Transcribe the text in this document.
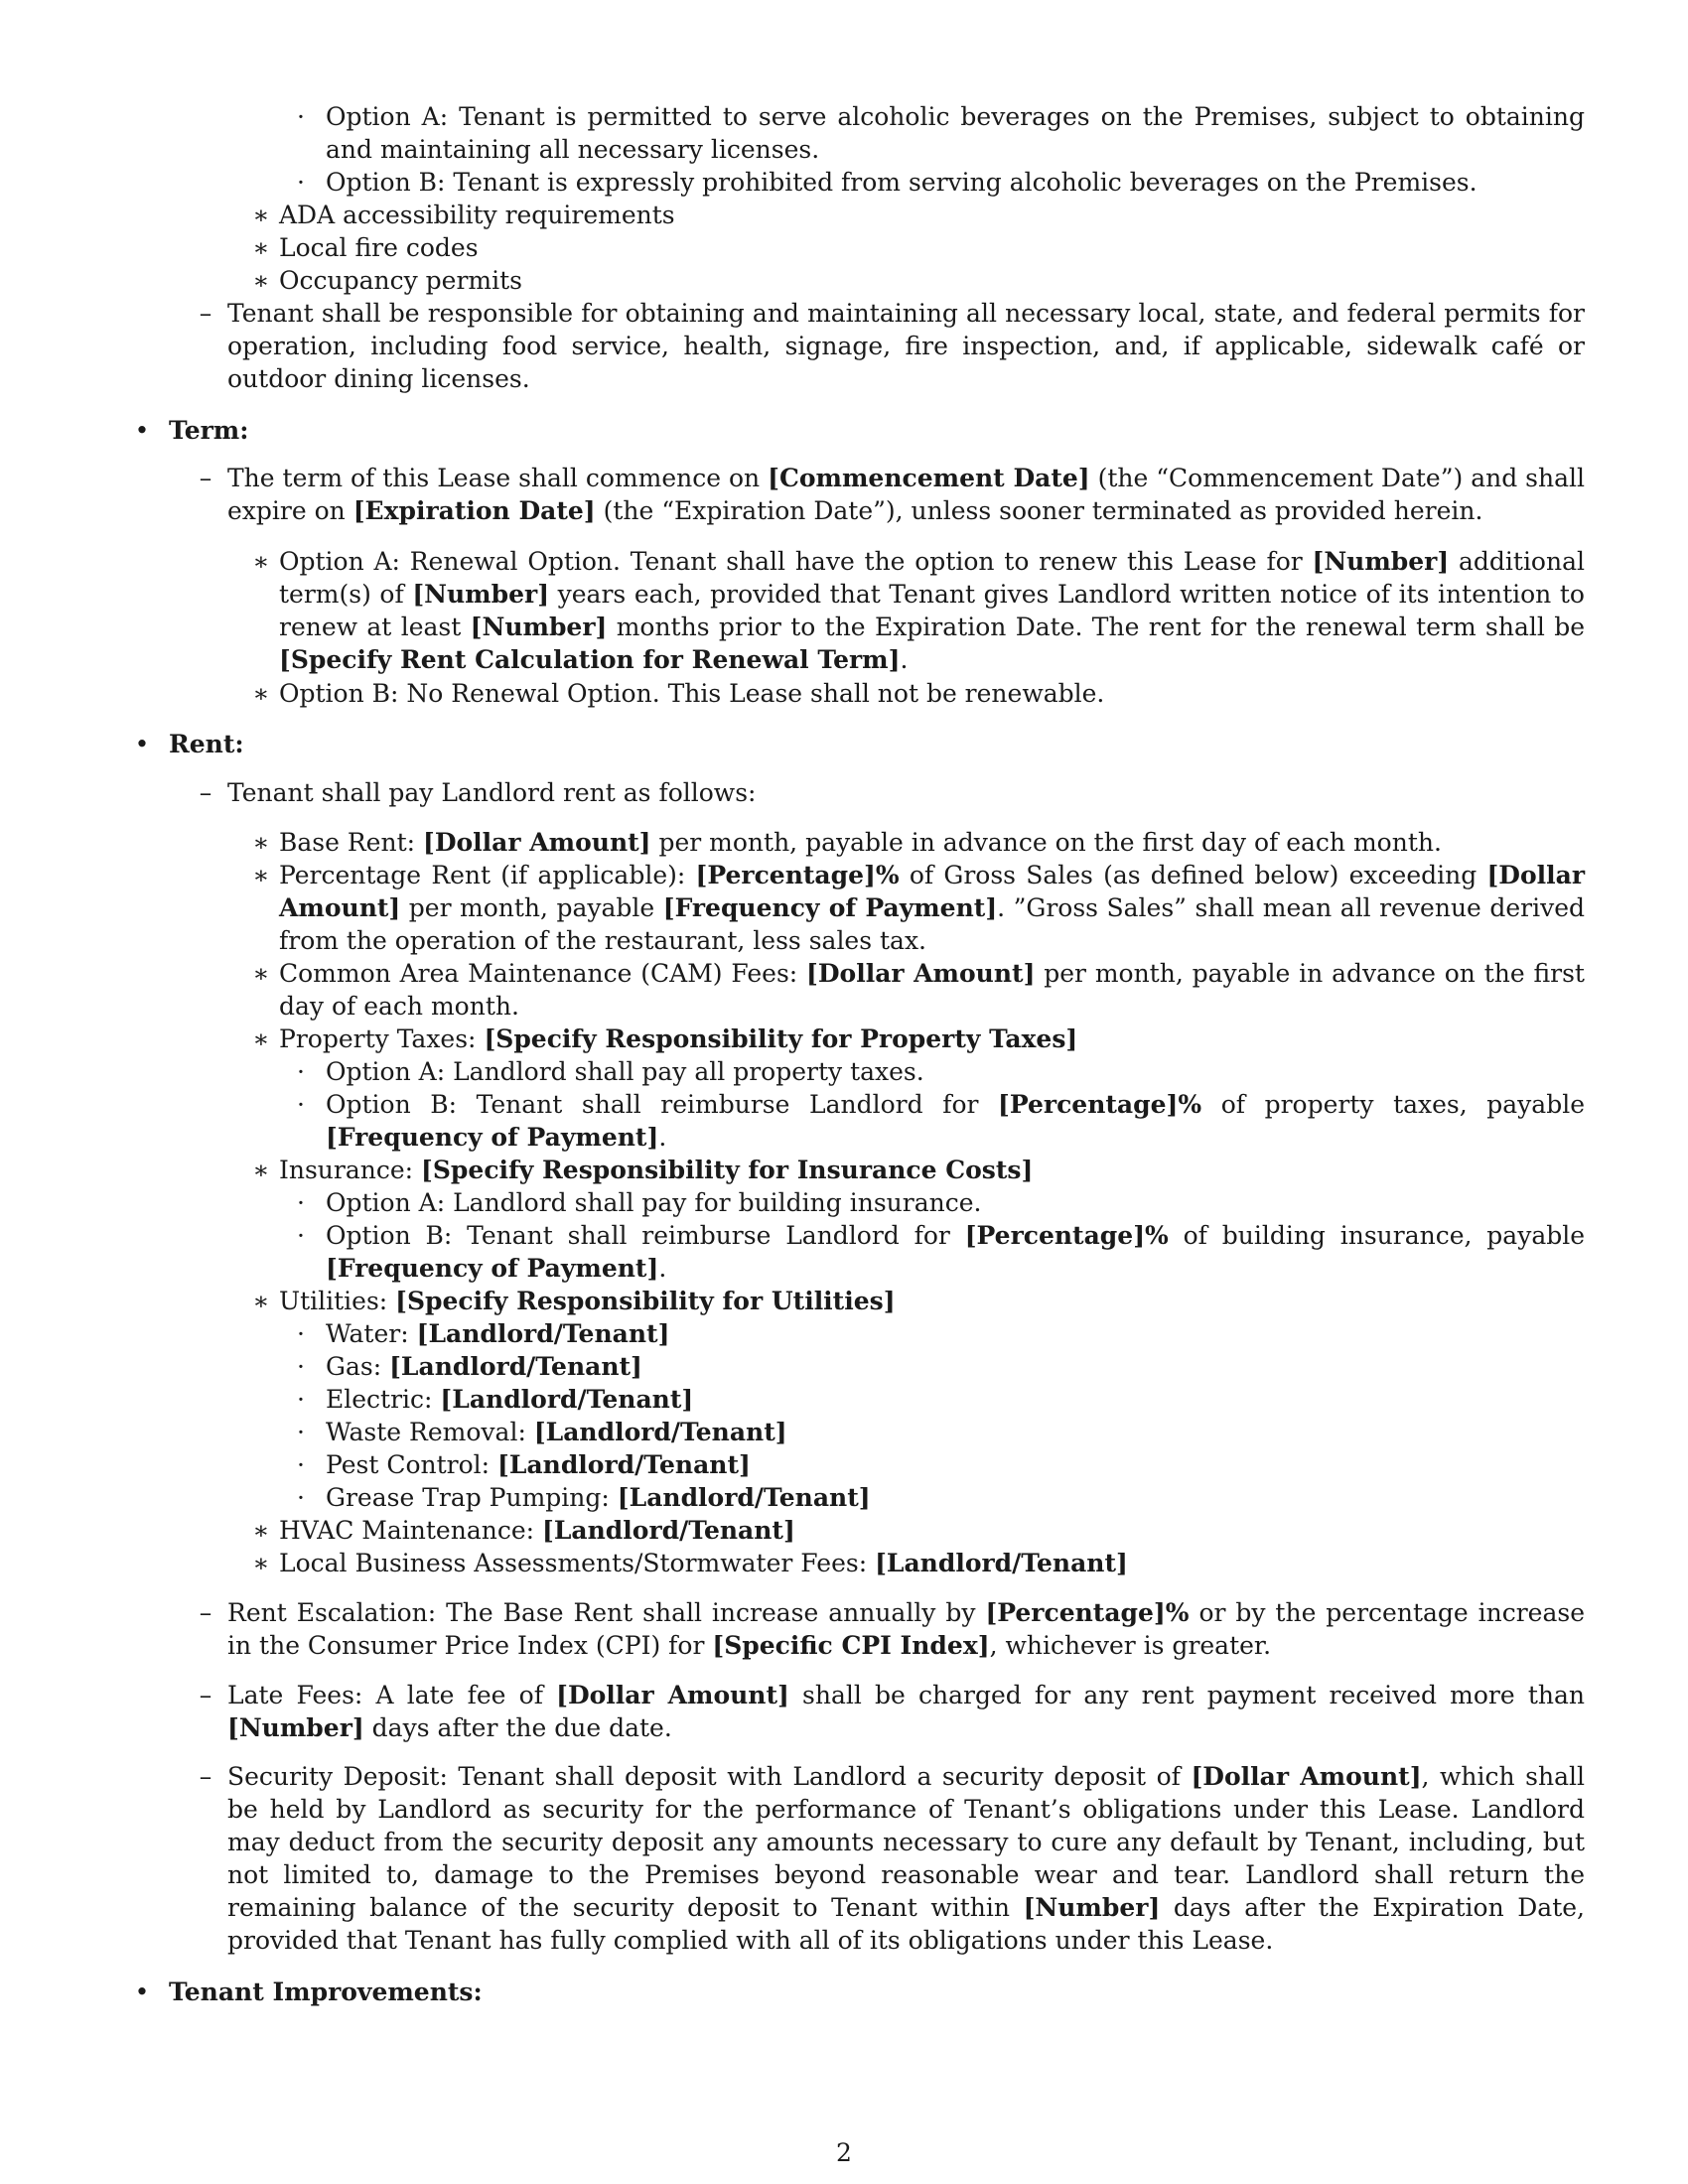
· Option A: Tenant is permitted to serve alcoholic beverages on the Premises, subject to obtaining and maintaining all necessary licenses.
· Option B: Tenant is expressly prohibited from serving alcoholic beverages on the Premises.
∗ ADA accessibility requirements
∗ Local fire codes
∗ Occupancy permits
– Tenant shall be responsible for obtaining and maintaining all necessary local, state, and federal permits for operation, including food service, health, signage, fire inspection, and, if applicable, sidewalk café or outdoor dining licenses.
• Term:
– The term of this Lease shall commence on [Commencement Date] (the “Commencement Date”) and shall expire on [Expiration Date] (the “Expiration Date”), unless sooner terminated as provided herein.
∗ Option A: Renewal Option. Tenant shall have the option to renew this Lease for [Number] additional term(s) of [Number] years each, provided that Tenant gives Landlord written notice of its intention to renew at least [Number] months prior to the Expiration Date. The rent for the renewal term shall be [Specify Rent Calculation for Renewal Term].
∗ Option B: No Renewal Option. This Lease shall not be renewable.
• Rent:
– Tenant shall pay Landlord rent as follows:
∗ Base Rent: [Dollar Amount] per month, payable in advance on the first day of each month.
∗ Percentage Rent (if applicable): [Percentage]% of Gross Sales (as defined below) exceeding [Dollar Amount] per month, payable [Frequency of Payment]. ”Gross Sales” shall mean all revenue derived from the operation of the restaurant, less sales tax.
∗ Common Area Maintenance (CAM) Fees: [Dollar Amount] per month, payable in advance on the first day of each month.
∗ Property Taxes: [Specify Responsibility for Property Taxes]
· Option A: Landlord shall pay all property taxes.
· Option B: Tenant shall reimburse Landlord for [Percentage]% of property taxes, payable [Frequency of Payment].
∗ Insurance: [Specify Responsibility for Insurance Costs]
· Option A: Landlord shall pay for building insurance.
· Option B: Tenant shall reimburse Landlord for [Percentage]% of building insurance, payable [Frequency of Payment].
∗ Utilities: [Specify Responsibility for Utilities]
· Water: [Landlord/Tenant]
· Gas: [Landlord/Tenant]
· Electric: [Landlord/Tenant]
· Waste Removal: [Landlord/Tenant]
· Pest Control: [Landlord/Tenant]
· Grease Trap Pumping: [Landlord/Tenant]
∗ HVAC Maintenance: [Landlord/Tenant]
∗ Local Business Assessments/Stormwater Fees: [Landlord/Tenant]
– Rent Escalation: The Base Rent shall increase annually by [Percentage]% or by the percentage increase in the Consumer Price Index (CPI) for [Specific CPI Index], whichever is greater.
– Late Fees: A late fee of [Dollar Amount] shall be charged for any rent payment received more than [Number] days after the due date.
– Security Deposit: Tenant shall deposit with Landlord a security deposit of [Dollar Amount], which shall be held by Landlord as security for the performance of Tenant’s obligations under this Lease. Landlord may deduct from the security deposit any amounts necessary to cure any default by Tenant, including, but not limited to, damage to the Premises beyond reasonable wear and tear. Landlord shall return the remaining balance of the security deposit to Tenant within [Number] days after the Expiration Date, provided that Tenant has fully complied with all of its obligations under this Lease.
• Tenant Improvements:
2
